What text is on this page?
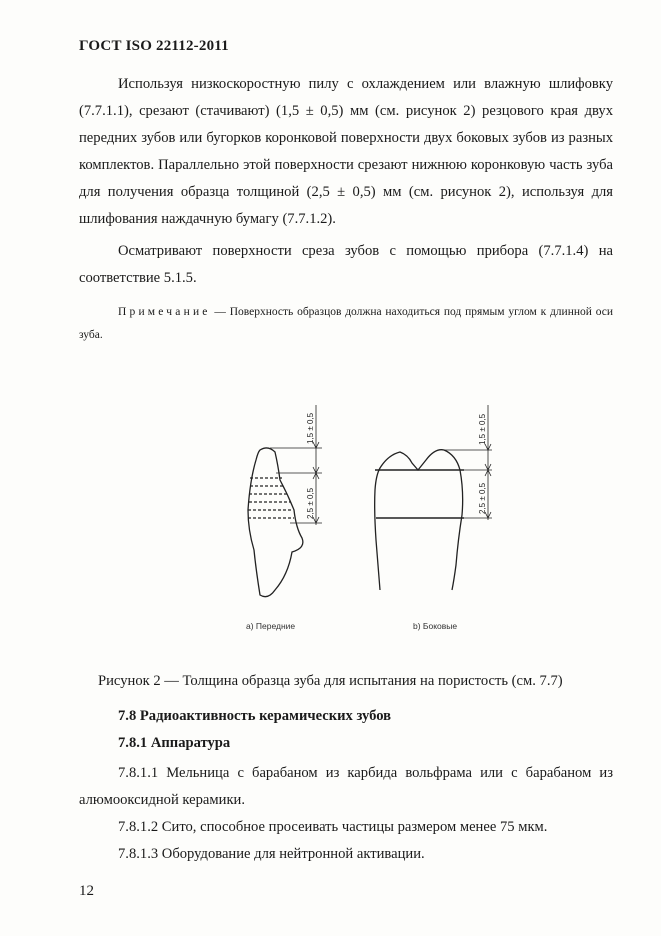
ГОСТ ISO 22112-2011
Используя низкоскоростную пилу с охлаждением или влажную шлифовку (7.7.1.1), срезают (стачивают) (1,5 ± 0,5) мм (см. рисунок 2) резцового края двух передних зубов или бугорков коронковой поверхности двух боковых зубов из разных комплектов. Параллельно этой поверхности срезают нижнюю коронковую часть зуба для получения образца толщиной (2,5 ± 0,5) мм (см. рисунок 2), используя для шлифования наждачную бумагу (7.7.1.2).
Осматривают поверхности среза зубов с помощью прибора (7.7.1.4) на соответствие 5.1.5.
Примечание — Поверхность образцов должна находиться под прямым углом к длинной оси зуба.
1,5 ± 0,5
2,5 ± 0,5
1,5 ± 0,5
2,5 ± 0,5
a) Передние	b) Боковые
Рисунок 2 — Толщина образца зуба для испытания на пористость (см. 7.7)
7.8 Радиоактивность керамических зубов
7.8.1 Аппаратура
7.8.1.1 Мельница с барабаном из карбида вольфрама или с барабаном из алюмооксидной керамики.
7.8.1.2 Сито, способное просеивать частицы размером менее 75 мкм.
7.8.1.3 Оборудование для нейтронной активации.
12
